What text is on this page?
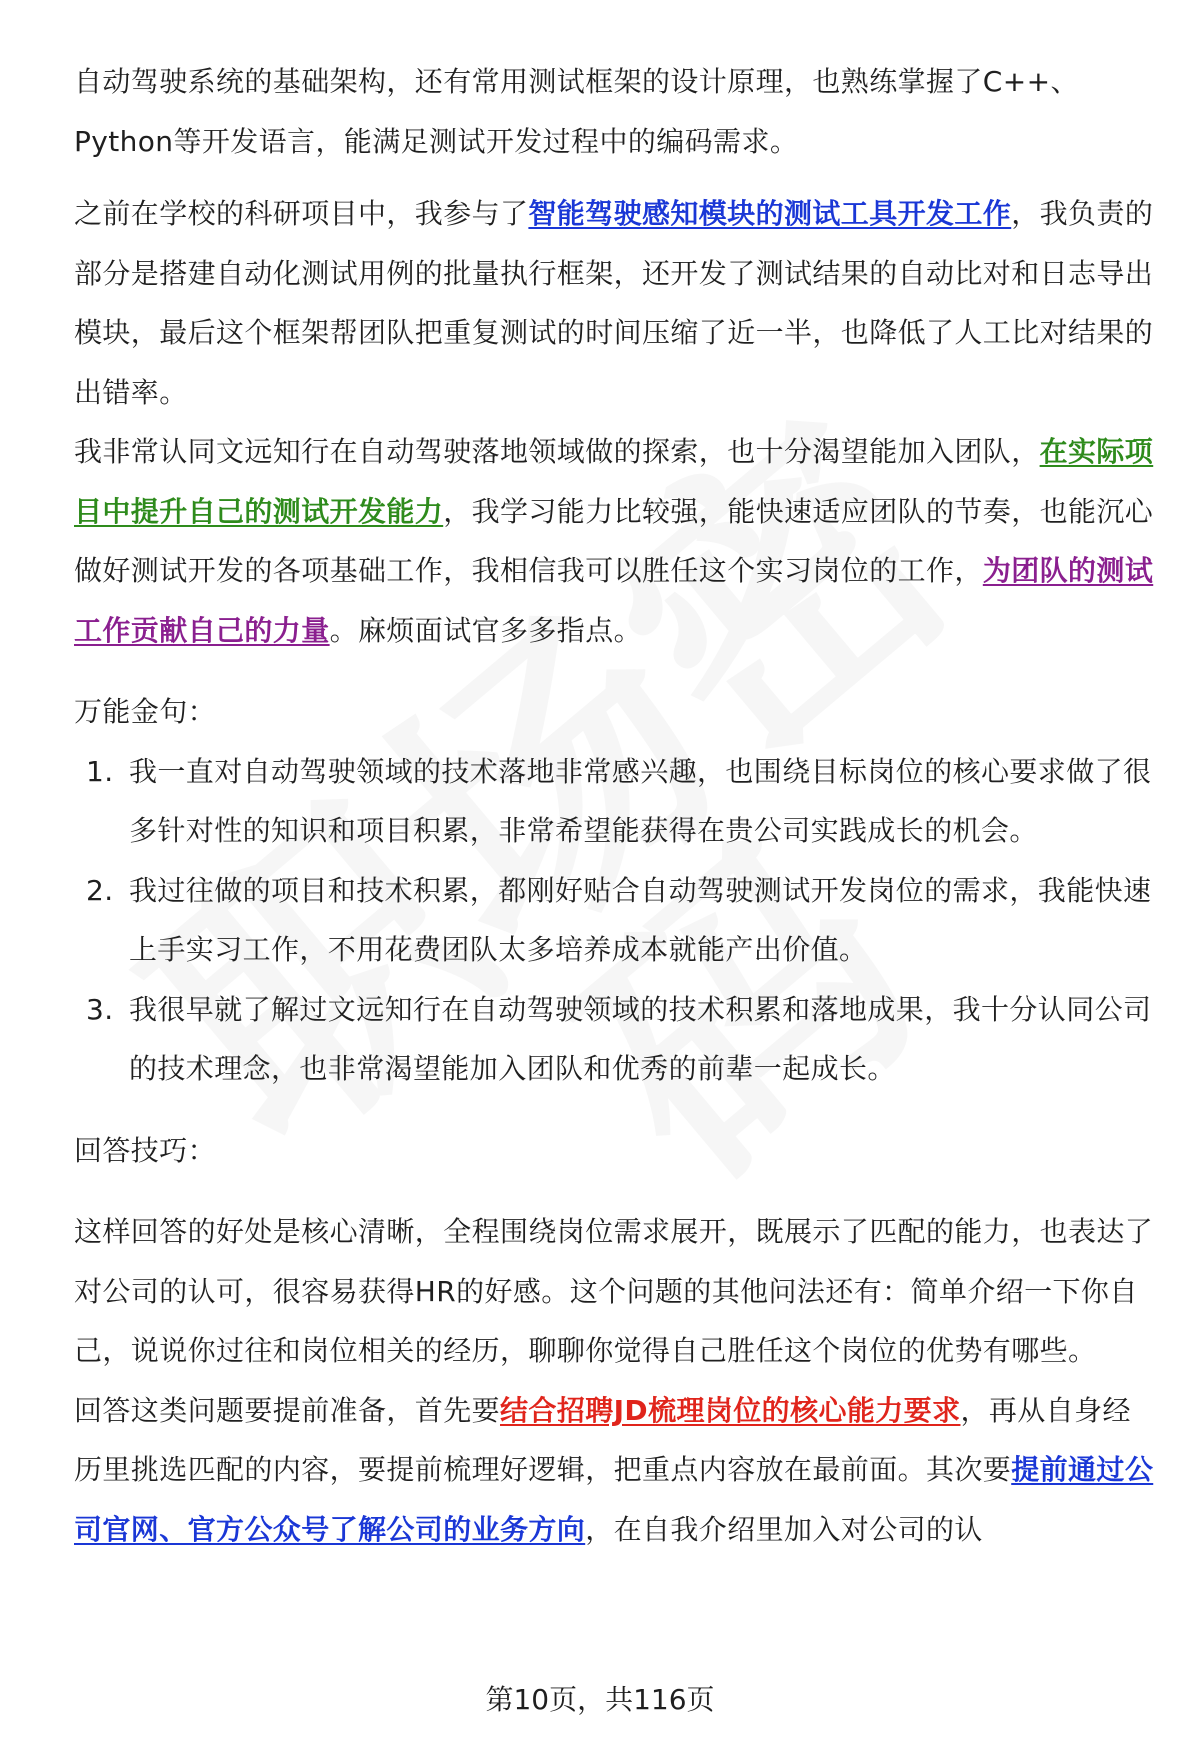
自动驾驶系统的基础架构，还有常用测试框架的设计原理，也熟练掌握了C++、Python等开发语言，能满足测试开发过程中的编码需求。

之前在学校的科研项目中，我参与了智能驾驶感知模块的测试工具开发工作，我负责的部分是搭建自动化测试用例的批量执行框架，还开发了测试结果的自动比对和日志导出模块，最后这个框架帮团队把重复测试的时间压缩了近一半，也降低了人工比对结果的出错率。

我非常认同文远知行在自动驾驶落地领域做的探索，也十分渴望能加入团队，在实际项目中提升自己的测试开发能力，我学习能力比较强，能快速适应团队的节奏，也能沉心做好测试开发的各项基础工作，我相信我可以胜任这个实习岗位的工作，为团队的测试工作贡献自己的力量。麻烦面试官多多指点。

万能金句：

1. 我一直对自动驾驶领域的技术落地非常感兴趣，也围绕目标岗位的核心要求做了很多针对性的知识和项目积累，非常希望能获得在贵公司实践成长的机会。
2. 我过往做的项目和技术积累，都刚好贴合自动驾驶测试开发岗位的需求，我能快速上手实习工作，不用花费团队太多培养成本就能产出价值。
3. 我很早就了解过文远知行在自动驾驶领域的技术积累和落地成果，我十分认同公司的技术理念，也非常渴望能加入团队和优秀的前辈一起成长。

回答技巧：

这样回答的好处是核心清晰，全程围绕岗位需求展开，既展示了匹配的能力，也表达了对公司的认可，很容易获得HR的好感。这个问题的其他问法还有：简单介绍一下你自己，说说你过往和岗位相关的经历，聊聊你觉得自己胜任这个岗位的优势有哪些。

回答这类问题要提前准备，首先要结合招聘JD梳理岗位的核心能力要求，再从自身经历里挑选匹配的内容，要提前梳理好逻辑，把重点内容放在最前面。其次要提前通过公司官网、官方公众号了解公司的业务方向，在自我介绍里加入对公司的认

第10页，共116页
